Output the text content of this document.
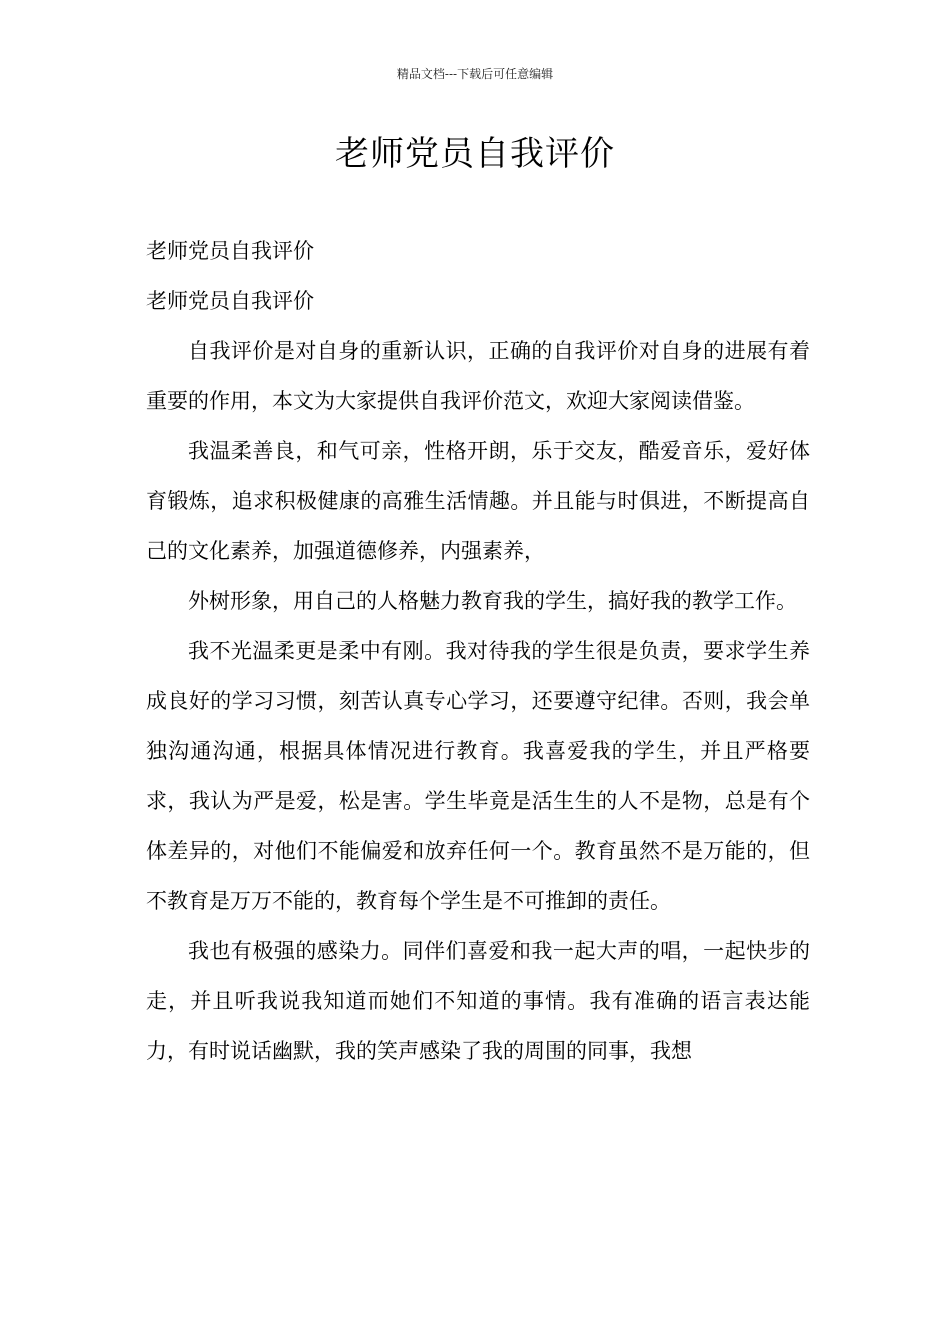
精品文档---下载后可任意编辑
老师党员自我评价

老师党员自我评价

老师党员自我评价

自我评价是对自身的重新认识，正确的自我评价对自身的进展有着重要的作用，本文为大家提供自我评价范文，欢迎大家阅读借鉴。

我温柔善良，和气可亲，性格开朗，乐于交友，酷爱音乐，爱好体育锻炼，追求积极健康的高雅生活情趣。并且能与时俱进，不断提高自己的文化素养，加强道德修养，内强素养，

外树形象，用自己的人格魅力教育我的学生，搞好我的教学工作。

我不光温柔更是柔中有刚。我对待我的学生很是负责，要求学生养成良好的学习习惯，刻苦认真专心学习，还要遵守纪律。否则，我会单独沟通沟通，根据具体情况进行教育。我喜爱我的学生，并且严格要求，我认为严是爱，松是害。学生毕竟是活生生的人不是物，总是有个体差异的，对他们不能偏爱和放弃任何一个。教育虽然不是万能的，但不教育是万万不能的，教育每个学生是不可推卸的责任。

我也有极强的感染力。同伴们喜爱和我一起大声的唱，一起快步的走，并且听我说我知道而她们不知道的事情。我有准确的语言表达能力，有时说话幽默，我的笑声感染了我的周围的同事，我想
